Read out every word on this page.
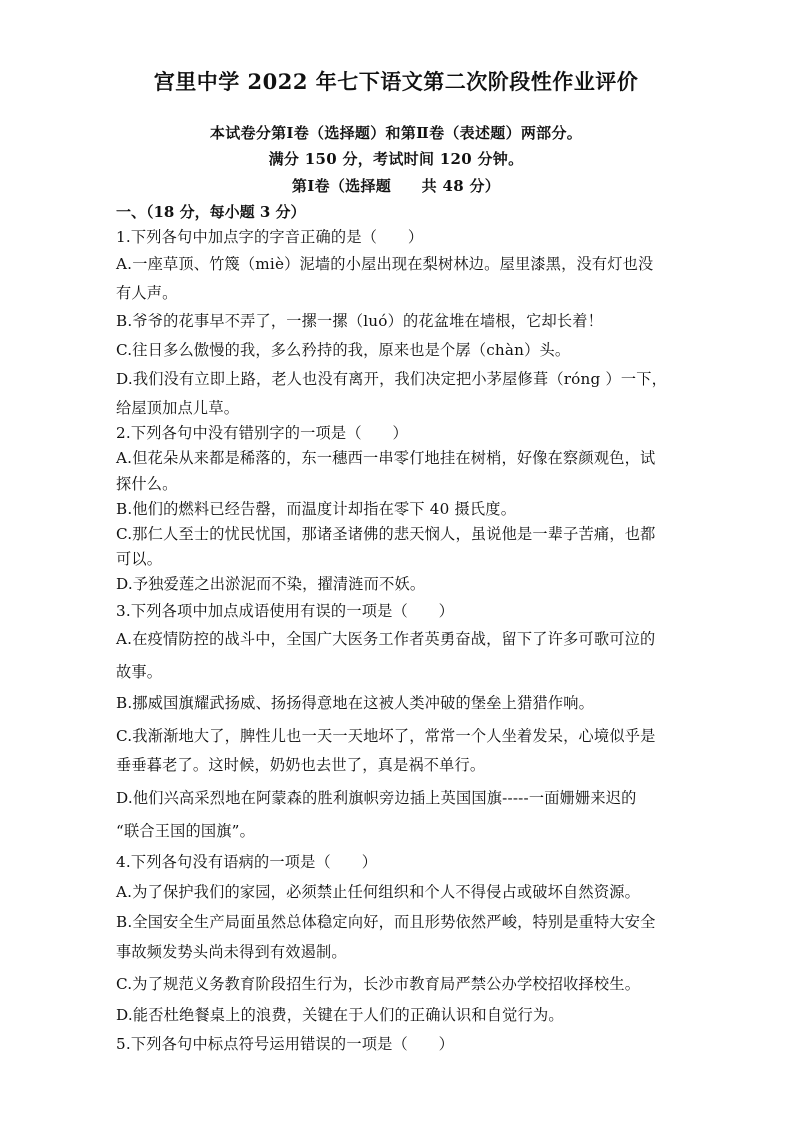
宫里中学 2022 年七下语文第二次阶段性作业评价
本试卷分第Ⅰ卷（选择题）和第Ⅱ卷（表述题）两部分。
满分 150 分，考试时间 120 分钟。
第Ⅰ卷（选择题　　共 48 分）
一、（18 分，每小题 3 分）
1.下列各句中加点字的字音正确的是（　　）
A.一座草顶、竹篾（miè）泥墙的小屋出现在梨树林边。屋里漆黑，没有灯也没
有人声。
B.爷爷的花事早不弄了，一摞一摞（luó）的花盆堆在墙根，它却长着！
C.往日多么傲慢的我，多么矜持的我，原来也是个孱（chàn）头。
D.我们没有立即上路，老人也没有离开，我们决定把小茅屋修葺（róng ）一下，
给屋顶加点儿草。
2.下列各句中没有错别字的一项是（　　）
A.但花朵从来都是稀落的，东一穗西一串零仃地挂在树梢，好像在察颜观色，试
探什么。
B.他们的燃料已经告罄，而温度计却指在零下 40 摄氏度。
C.那仁人至士的忧民忧国，那诸圣诸佛的悲天悯人，虽说他是一辈子苦痛，也都
可以。
D.予独爱莲之出淤泥而不染，擢清涟而不妖。
3.下列各项中加点成语使用有误的一项是（　　）
A.在疫情防控的战斗中，全国广大医务工作者英勇奋战，留下了许多可歌可泣的
故事。
B.挪威国旗耀武扬威、扬扬得意地在这被人类冲破的堡垒上猎猎作响。
C.我渐渐地大了，脾性儿也一天一天地坏了，常常一个人坐着发呆，心境似乎是
垂垂暮老了。这时候，奶奶也去世了，真是祸不单行。
D.他们兴高采烈地在阿蒙森的胜利旗帜旁边插上英国国旗-----一面姗姗来迟的
“联合王国的国旗”。
4.下列各句没有语病的一项是（　　）
A.为了保护我们的家园，必须禁止任何组织和个人不得侵占或破坏自然资源。
B.全国安全生产局面虽然总体稳定向好，而且形势依然严峻，特别是重特大安全
事故频发势头尚未得到有效遏制。
C.为了规范义务教育阶段招生行为，长沙市教育局严禁公办学校招收择校生。
D.能否杜绝餐桌上的浪费，关键在于人们的正确认识和自觉行为。
5.下列各句中标点符号运用错误的一项是（　　）
